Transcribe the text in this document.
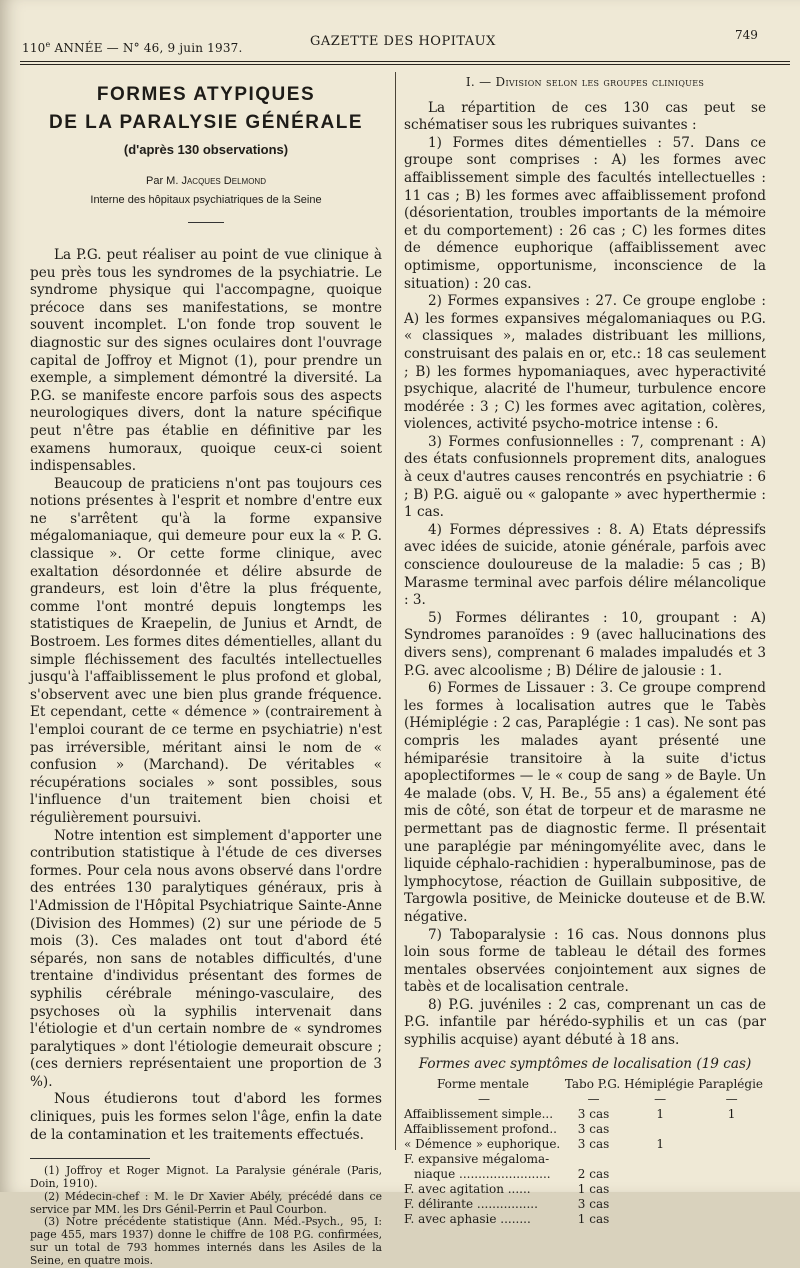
110e ANNÉE — N° 46, 9 juin 1937.	GAZETTE DES HOPITAUX	749
FORMES ATYPIQUES
DE LA PARALYSIE GÉNÉRALE
(d'après 130 observations)
Par M. Jacques Delmond
Interne des hôpitaux psychiatriques de la Seine

La P.G. peut réaliser au point de vue clinique à peu près tous les syndromes de la psychiatrie. Le syndrome physique qui l'accompagne, quoique précoce dans ses manifestations, se montre souvent incomplet. L'on fonde trop souvent le diagnostic sur des signes oculaires dont l'ouvrage capital de Joffroy et Mignot (1), pour prendre un exemple, a simplement démontré la diversité. La P.G. se manifeste encore parfois sous des aspects neurologiques divers, dont la nature spécifique peut n'être pas établie en définitive par les examens humoraux, quoique ceux-ci soient indispensables.

Beaucoup de praticiens n'ont pas toujours ces notions présentes à l'esprit et nombre d'entre eux ne s'arrêtent qu'à la forme expansive mégalomaniaque, qui demeure pour eux la « P. G. classique ». Or cette forme clinique, avec exaltation désordonnée et délire absurde de grandeurs, est loin d'être la plus fréquente, comme l'ont montré depuis longtemps les statistiques de Kraepelin, de Junius et Arndt, de Bostroem. Les formes dites démentielles, allant du simple fléchissement des facultés intellectuelles jusqu'à l'affaiblissement le plus profond et global, s'observent avec une bien plus grande fréquence. Et cependant, cette « démence » (contrairement à l'emploi courant de ce terme en psychiatrie) n'est pas irréversible, méritant ainsi le nom de « confusion » (Marchand). De véritables « récupérations sociales » sont possibles, sous l'influence d'un traitement bien choisi et régulièrement poursuivi.

Notre intention est simplement d'apporter une contribution statistique à l'étude de ces diverses formes. Pour cela nous avons observé dans l'ordre des entrées 130 paralytiques généraux, pris à l'Admission de l'Hôpital Psychiatrique Sainte-Anne (Division des Hommes) (2) sur une période de 5 mois (3). Ces malades ont tout d'abord été séparés, non sans de notables difficultés, d'une trentaine d'individus présentant des formes de syphilis cérébrale méningo-vasculaire, des psychoses où la syphilis intervenait dans l'étiologie et d'un certain nombre de « syndromes paralytiques » dont l'étiologie demeurait obscure ; (ces derniers représentaient une proportion de 3 %).

Nous étudierons tout d'abord les formes cliniques, puis les formes selon l'âge, enfin la date de la contamination et les traitements effectués.

(1) Joffroy et Roger Mignot. La Paralysie générale (Paris, Doin, 1910).

(2) Médecin-chef : M. le Dr Xavier Abély, précédé dans ce service par MM. les Drs Génil-Perrin et Paul Courbon.

(3) Notre précédente statistique (Ann. Méd.-Psych., 95, I: page 455, mars 1937) donne le chiffre de 108 P.G. confirmées, sur un total de 793 hommes internés dans les Asiles de la Seine, en quatre mois.

I. — Division selon les groupes cliniques

La répartition de ces 130 cas peut se schématiser sous les rubriques suivantes :

1) Formes dites démentielles : 57. Dans ce groupe sont comprises : A) les formes avec affaiblissement simple des facultés intellectuelles : 11 cas ; B) les formes avec affaiblissement profond (désorientation, troubles importants de la mémoire et du comportement) : 26 cas ; C) les formes dites de démence euphorique (affaiblissement avec optimisme, opportunisme, inconscience de la situation) : 20 cas.

2) Formes expansives : 27. Ce groupe englobe : A) les formes expansives mégalomaniaques ou P.G. « classiques », malades distribuant les millions, construisant des palais en or, etc.: 18 cas seulement ; B) les formes hypomaniaques, avec hyperactivité psychique, alacrité de l'humeur, turbulence encore modérée : 3 ; C) les formes avec agitation, colères, violences, activité psycho-motrice intense : 6.

3) Formes confusionnelles : 7, comprenant : A) des états confusionnels proprement dits, analogues à ceux d'autres causes rencontrés en psychiatrie : 6 ; B) P.G. aiguë ou « galopante » avec hyperthermie : 1 cas.

4) Formes dépressives : 8. A) Etats dépressifs avec idées de suicide, atonie générale, parfois avec conscience douloureuse de la maladie: 5 cas ; B) Marasme terminal avec parfois délire mélancolique : 3.

5) Formes délirantes : 10, groupant : A) Syndromes paranoïdes : 9 (avec hallucinations des divers sens), comprenant 6 malades impaludés et 3 P.G. avec alcoolisme ; B) Délire de jalousie : 1.

6) Formes de Lissauer : 3. Ce groupe comprend les formes à localisation autres que le Tabès (Hémiplégie : 2 cas, Paraplégie : 1 cas). Ne sont pas compris les malades ayant présenté une hémiparésie transitoire à la suite d'ictus apoplectiformes — le « coup de sang » de Bayle. Un 4e malade (obs. V, H. Be., 55 ans) a également été mis de côté, son état de torpeur et de marasme ne permettant pas de diagnostic ferme. Il présentait une paraplégie par méningomyélite avec, dans le liquide céphalo-rachidien : hyperalbuminose, pas de lymphocytose, réaction de Guillain subpositive, de Targowla positive, de Meinicke douteuse et de B.W. négative.

7) Taboparalysie : 16 cas. Nous donnons plus loin sous forme de tableau le détail des formes mentales observées conjointement aux signes de tabès et de localisation centrale.

8) P.G. juvéniles : 2 cas, comprenant un cas de P.G. infantile par hérédo-syphilis et un cas (par syphilis acquise) ayant débuté à 18 ans.

Formes avec symptômes de localisation (19 cas)
Forme mentale	Tabo P.G.	Hémiplégie	Paraplégie
—	—	—	—
Affaiblissement simple...	3 cas	1	1
Affaiblissement profond..	3 cas		
« Démence » euphorique.	3 cas	1	
F. expansive mégaloma-			
niaque ........................	2 cas		
F. avec agitation ......	1 cas		
F. délirante ................	3 cas		
F. avec aphasie ........	1 cas		
